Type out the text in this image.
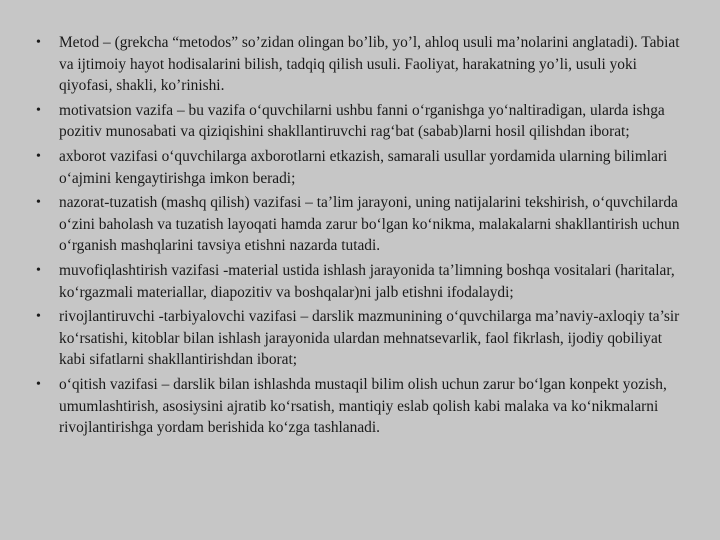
• Metod – (grekcha “metodos” so’zidan olingan bo’lib, yo’l, ahloq usuli ma’nolarini anglatadi). Tabiat va ijtimoiy hayot hodisalarini bilish, tadqiq qilish usuli. Faoliyat, harakatning yo’li, usuli yoki qiyofasi, shakli, ko’rinishi.
• motivatsion vazifa – bu vazifa o‘quvchilarni ushbu fanni o‘rganishga yo‘naltiradigan, ularda ishga pozitiv munosabati va qiziqishini shakllantiruvchi rag‘bat (sabab)larni hosil qilishdan iborat;
• axborot vazifasi o‘quvchilarga axborotlarni etkazish, samarali usullar yordamida ularning bilimlari o‘ajmini kengaytirishga imkon beradi;
• nazorat-tuzatish (mashq qilish) vazifasi – ta’lim jarayoni, uning natijalarini tekshirish, o‘quvchilarda o‘zini baholash va tuzatish layoqati hamda zarur bo‘lgan ko‘nikma, malakalarni shakllantirish uchun o‘rganish mashqlarini tavsiya etishni nazarda tutadi.
• muvofiqlashtirish vazifasi -material ustida ishlash jarayonida ta’limning boshqa vositalari (haritalar, ko‘rgazmali materiallar, diapozitiv va boshqalar)ni jalb etishni ifodalaydi;
• rivojlantiruvchi -tarbiyalovchi vazifasi – darslik mazmunining o‘quvchilarga ma’naviy-axloqiy ta’sir ko‘rsatishi, kitoblar bilan ishlash jarayonida ulardan mehnatsevarlik, faol fikrlash, ijodiy qobiliyat kabi sifatlarni shakllantirishdan iborat;
• o‘qitish vazifasi – darslik bilan ishlashda mustaqil bilim olish uchun zarur bo‘lgan konpekt yozish, umumlashtirish, asosiysini ajratib ko‘rsatish, mantiqiy eslab qolish kabi malaka va ko‘nikmalarni rivojlantirishga yordam berishida ko‘zga tashlanadi.
